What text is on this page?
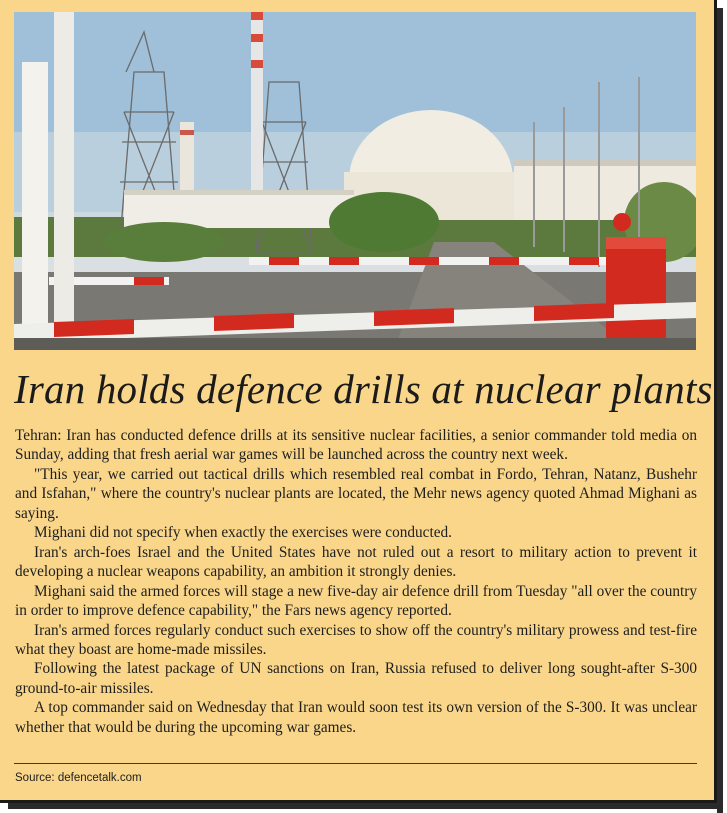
Iran holds defence drills at nuclear plants

Tehran: Iran has conducted defence drills at its sensitive nuclear facilities, a senior commander told media on Sunday, adding that fresh aerial war games will be launched across the country next week.

"This year, we carried out tactical drills which resembled real combat in Fordo, Tehran, Natanz, Bushehr and Isfahan," where the country's nuclear plants are located, the Mehr news agency quoted Ahmad Mighani as saying.

Mighani did not specify when exactly the exercises were conducted.

Iran's arch-foes Israel and the United States have not ruled out a resort to military action to prevent it developing a nuclear weapons capability, an ambition it strongly denies.

Mighani said the armed forces will stage a new five-day air defence drill from Tuesday "all over the country in order to improve defence capability," the Fars news agency reported.

Iran's armed forces regularly conduct such exercises to show off the country's military prowess and test-fire what they boast are home-made missiles.

Following the latest package of UN sanctions on Iran, Russia refused to deliver long sought-after S-300 ground-to-air missiles.

A top commander said on Wednesday that Iran would soon test its own version of the S-300. It was unclear whether that would be during the upcoming war games.

Source: defencetalk.com
